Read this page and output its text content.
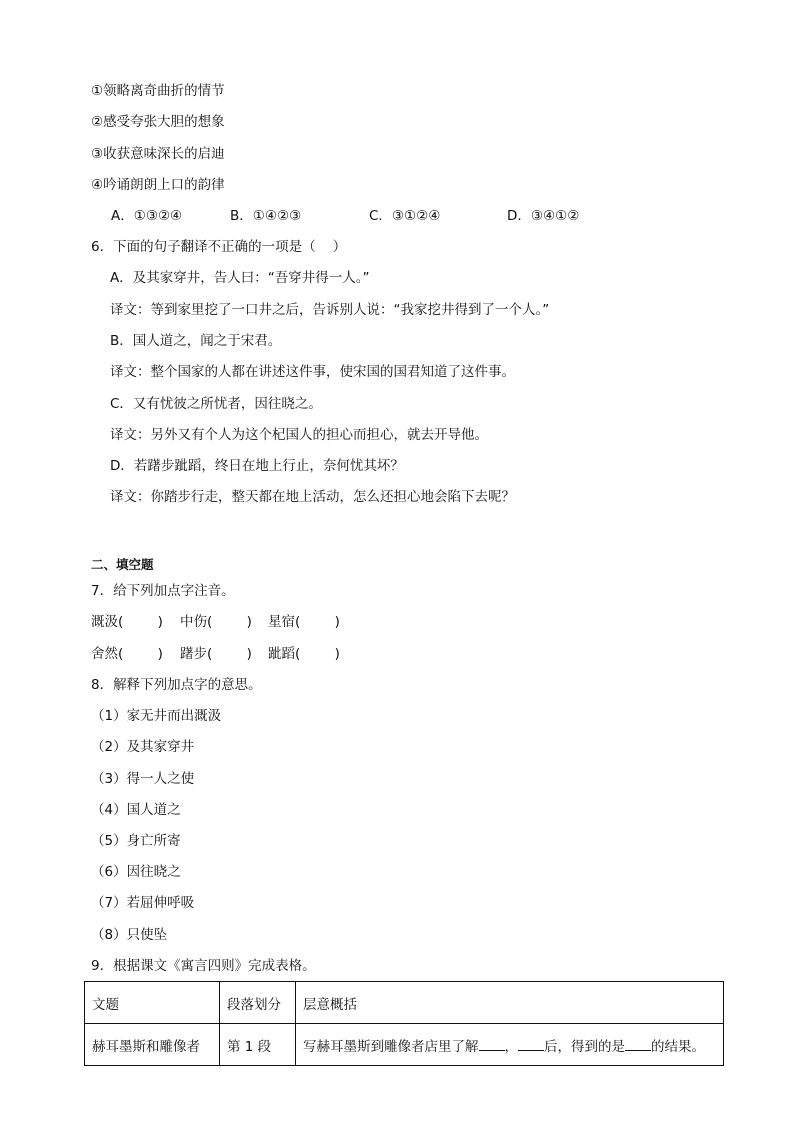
①领略离奇曲折的情节
②感受夸张大胆的想象
③收获意味深长的启迪
④吟诵朗朗上口的韵律
A．①③②④	B．①④②③	C．③①②④	D．③④①②
6．下面的句子翻译不正确的一项是（    ）
A．及其家穿井，告人曰：“吾穿井得一人。”
译文：等到家里挖了一口井之后，告诉别人说：“我家挖井得到了一个人。”
B．国人道之，闻之于宋君。
译文：整个国家的人都在讲述这件事，使宋国的国君知道了这件事。
C．又有忧彼之所忧者，因往晓之。
译文：另外又有个人为这个杞国人的担心而担心，就去开导他。
D．若躇步跐蹈，终日在地上行止，奈何忧其坏？
译文：你踏步行走，整天都在地上活动，怎么还担心地会陷下去呢？
二、填空题
7．给下列加点字注音。
溉汲(        ) 中伤(        ) 星宿(        )
舍然(        ) 躇步(        ) 跐蹈(        )
8．解释下列加点字的意思。
（1）家无井而出溉汲
（2）及其家穿井
（3）得一人之使
（4）国人道之
（5）身亡所寄
（6）因往晓之
（7）若屈伸呼吸
（8）只使坠
9．根据课文《寓言四则》完成表格。
文题	段落划分	层意概括
赫耳墨斯和雕像者	第 1 段	写赫耳墨斯到雕像者店里了解 ， 后，得到的是 的结果。
